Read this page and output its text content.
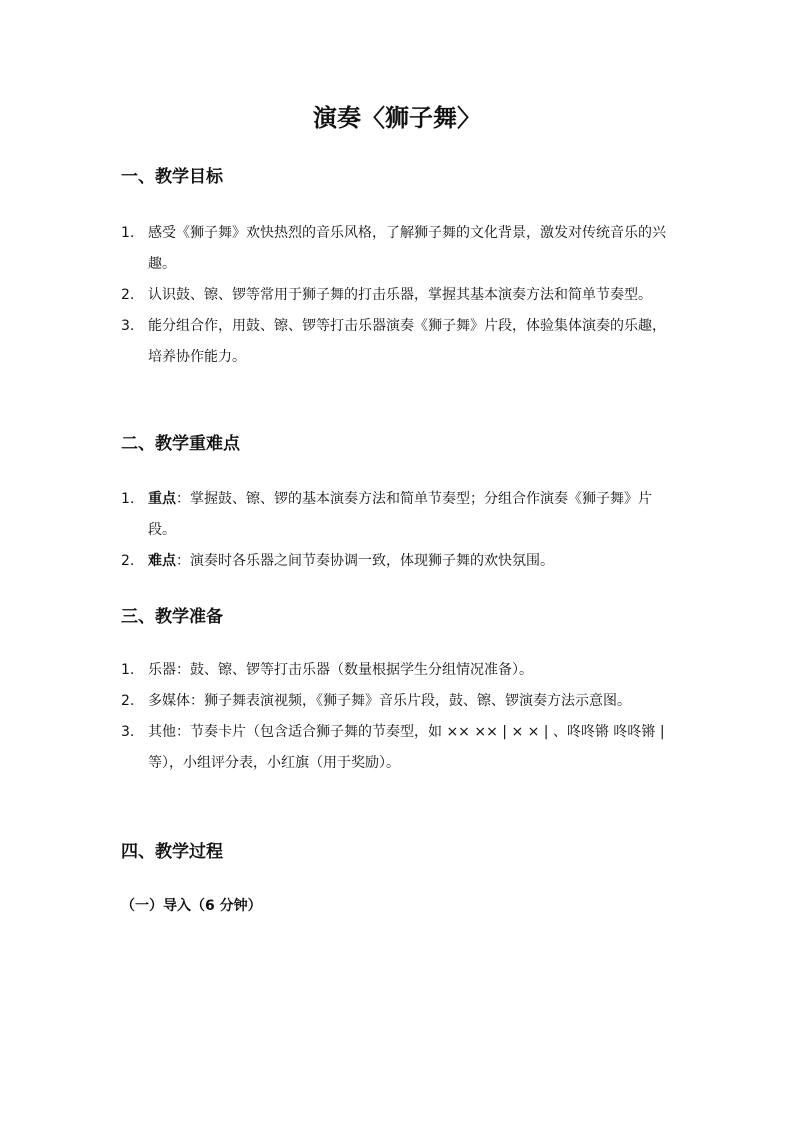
演奏〈狮子舞〉
一、教学目标
1. 感受《狮子舞》欢快热烈的音乐风格，了解狮子舞的文化背景，激发对传统音乐的兴趣。
2. 认识鼓、镲、锣等常用于狮子舞的打击乐器，掌握其基本演奏方法和简单节奏型。
3. 能分组合作，用鼓、镲、锣等打击乐器演奏《狮子舞》片段，体验集体演奏的乐趣，培养协作能力。
二、教学重难点
1. 重点：掌握鼓、镲、锣的基本演奏方法和简单节奏型；分组合作演奏《狮子舞》片段。
2. 难点：演奏时各乐器之间节奏协调一致，体现狮子舞的欢快氛围。
三、教学准备
1. 乐器：鼓、镲、锣等打击乐器（数量根据学生分组情况准备）。
2. 多媒体：狮子舞表演视频，《狮子舞》音乐片段，鼓、镲、锣演奏方法示意图。
3. 其他：节奏卡片（包含适合狮子舞的节奏型，如 ×× ×× | × × | 、咚咚锵 咚咚锵 | 等），小组评分表，小红旗（用于奖励）。
四、教学过程
（一）导入（6 分钟）
